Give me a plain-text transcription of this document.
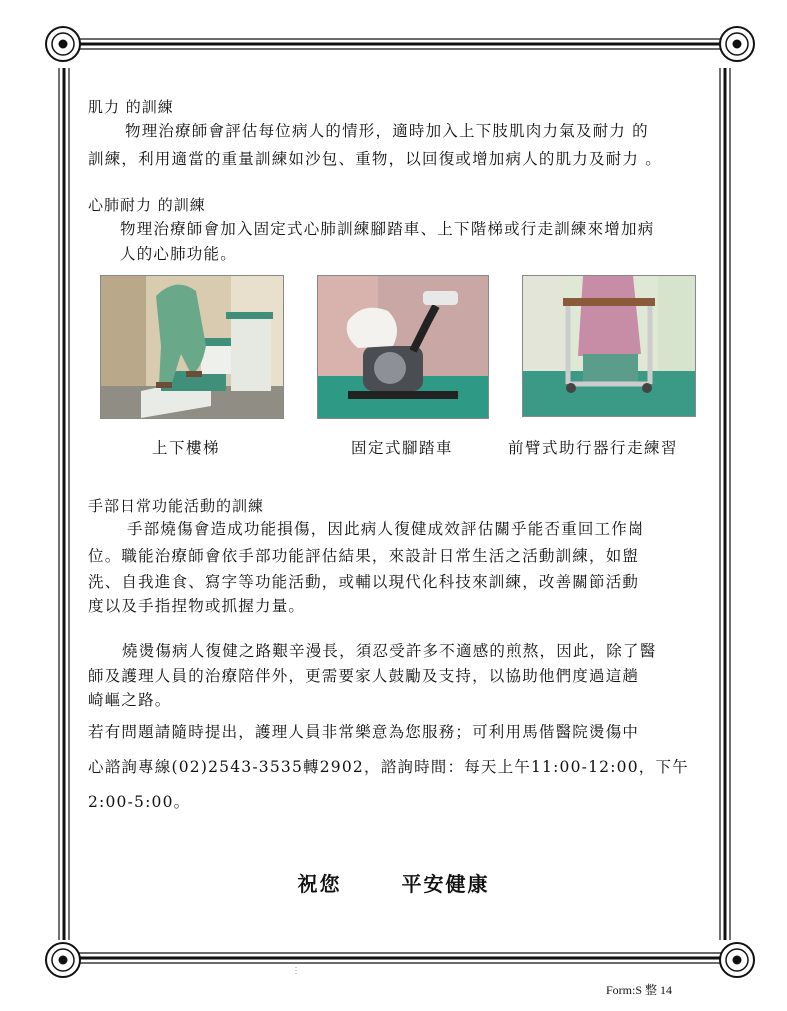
肌力 的訓練
物理治療師會評估每位病人的情形，適時加入上下肢肌肉力氣及耐力 的
訓練，利用適當的重量訓練如沙包、重物，以回復或增加病人的肌力及耐力 。
心肺耐力 的訓練
物理治療師會加入固定式心肺訓練腳踏車、上下階梯或行走訓練來增加病
人的心肺功能。
上下樓梯	固定式腳踏車	前臂式助行器行走練習
手部日常功能活動的訓練
手部燒傷會造成功能損傷，因此病人復健成效評估關乎能否重回工作崗
位。職能治療師會依手部功能評估結果，來設計日常生活之活動訓練，如盥
洗、自我進食、寫字等功能活動，或輔以現代化科技來訓練，改善關節活動
度以及手指捏物或抓握力量。
燒燙傷病人復健之路艱辛漫長，須忍受許多不適感的煎熬，因此，除了醫
師及護理人員的治療陪伴外，更需要家人鼓勵及支持，以協助他們度過這趟
崎嶇之路。
若有問題請隨時提出，護理人員非常樂意為您服務；可利用馬偕醫院燙傷中
心諮詢專線(02)2543-3535轉2902，諮詢時間：每天上午11:00-12:00，下午
2:00-5:00。
祝您	平安健康
Form:S 整 14
